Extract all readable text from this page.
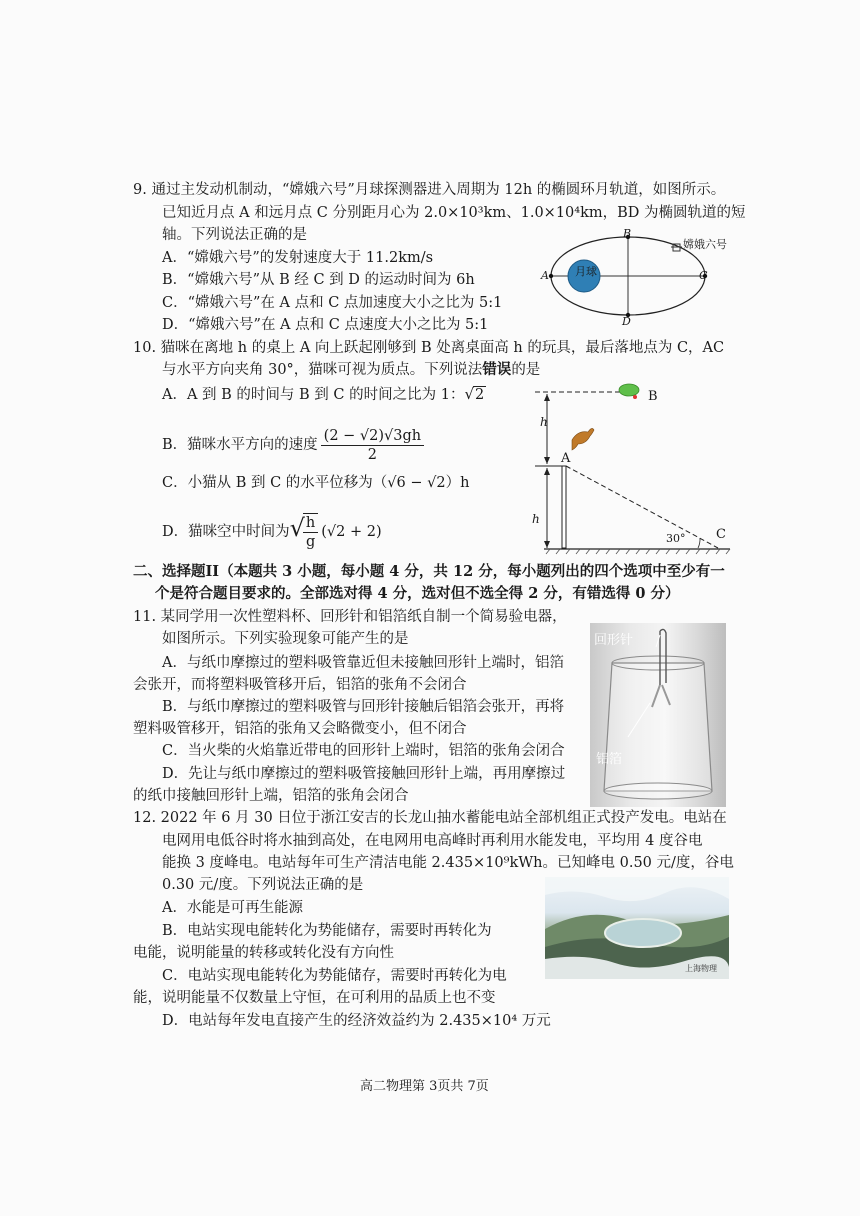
9. 通过主发动机制动，“嫦娥六号”月球探测器进入周期为 12h 的椭圆环月轨道，如图所示。
已知近月点 A 和远月点 C 分别距月心为 2.0×10³km、1.0×10⁴km，BD 为椭圆轨道的短
轴。下列说法正确的是
A．“嫦娥六号”的发射速度大于 11.2km/s
B．“嫦娥六号”从 B 经 C 到 D 的运动时间为 6h
C．“嫦娥六号”在 A 点和 C 点加速度大小之比为 5:1
D．“嫦娥六号”在 A 点和 C 点速度大小之比为 5:1
月球
嫦娥六号
A
B
C
D
10. 猫咪在离地 h 的桌上 A 向上跃起刚够到 B 处离桌面高 h 的玩具，最后落地点为 C，AC
与水平方向夹角 30°，猫咪可视为质点。下列说法错误的是
A．A 到 B 的时间与 B 到 C 的时间之比为 1：√2
B．猫咪水平方向的速度 $\frac{(2 - √2)√3gh}{2}$
C．小猫从 B 到 C 的水平位移为（√6 − √2）h
D．猫咪空中时间为√
$\frac{h}{g} (√2 + 2)$
B
A
C
h
h
30°
二、选择题II（本题共 3 小题，每小题 4 分，共 12 分，每小题列出的四个选项中至少有一
个是符合题目要求的。全部选对得 4 分，选对但不选全得 2 分，有错选得 0 分）
11. 某同学用一次性塑料杯、回形针和铝箔纸自制一个简易验电器，
如图所示。下列实验现象可能产生的是
A．与纸巾摩擦过的塑料吸管靠近但未接触回形针上端时，铝箔
会张开，而将塑料吸管移开后，铝箔的张角不会闭合
B．与纸巾摩擦过的塑料吸管与回形针接触后铝箔会张开，再将
塑料吸管移开，铝箔的张角又会略微变小，但不闭合
C．当火柴的火焰靠近带电的回形针上端时，铝箔的张角会闭合
D．先让与纸巾摩擦过的塑料吸管接触回形针上端，再用摩擦过
的纸巾接触回形针上端，铝箔的张角会闭合
回形针
铝箔
12. 2022 年 6 月 30 日位于浙江安吉的长龙山抽水蓄能电站全部机组正式投产发电。电站在
电网用电低谷时将水抽到高处，在电网用电高峰时再利用水能发电，平均用 4 度谷电
能换 3 度峰电。电站每年可生产清洁电能 2.435×10⁹kWh。已知峰电 0.50 元/度，谷电
0.30 元/度。下列说法正确的是
A．水能是可再生能源
B．电站实现电能转化为势能储存，需要时再转化为
电能，说明能量的转移或转化没有方向性
C．电站实现电能转化为势能储存，需要时再转化为电
能，说明能量不仅数量上守恒，在可利用的品质上也不变
D．电站每年发电直接产生的经济效益约为 2.435×10⁴ 万元
上海物理
高二物理第 3页共 7页
